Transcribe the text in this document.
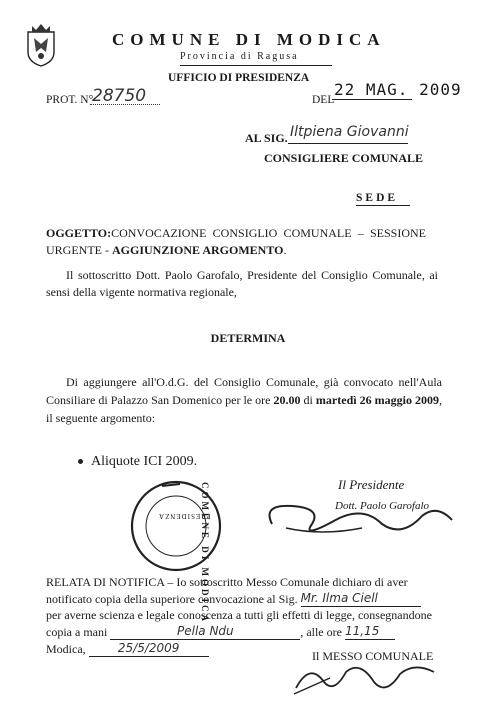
COMUNE DI MODICA
Provincia di Ragusa
UFFICIO DI PRESIDENZA
PROT. N°
28750	DEL
22 MAG. 2009
AL SIG. Iltpiena Giovanni
CONSIGLIERE COMUNALE
SEDE
OGGETTO:CONVOCAZIONE CONSIGLIO COMUNALE – SESSIONE URGENTE - AGGIUNZIONE ARGOMENTO.
Il sottoscritto Dott. Paolo Garofalo, Presidente del Consiglio Comunale, ai sensi della vigente normativa regionale,
DETERMINA
Di aggiungere all'O.d.G. del Consiglio Comunale, già convocato nell'Aula Consiliare di Palazzo San Domenico per le ore 20.00 di martedì 26 maggio 2009, il seguente argomento:
Aliquote ICI 2009.
COMUNE DI MODICA
PRESIDENZA
Il Presidente
Dott. Paolo Garofalo
RELATA DI NOTIFICA – Io sottoscritto Messo Comunale dichiaro di aver notificato copia della superiore convocazione al Sig. Mr. Ilma Ciell
per averne scienza e legale conoscenza a tutti gli effetti di legge, consegnandone
copia a mani	Pella Ndu	, alle ore 11,15
Modica,	25/5/2009
Il MESSO COMUNALE
